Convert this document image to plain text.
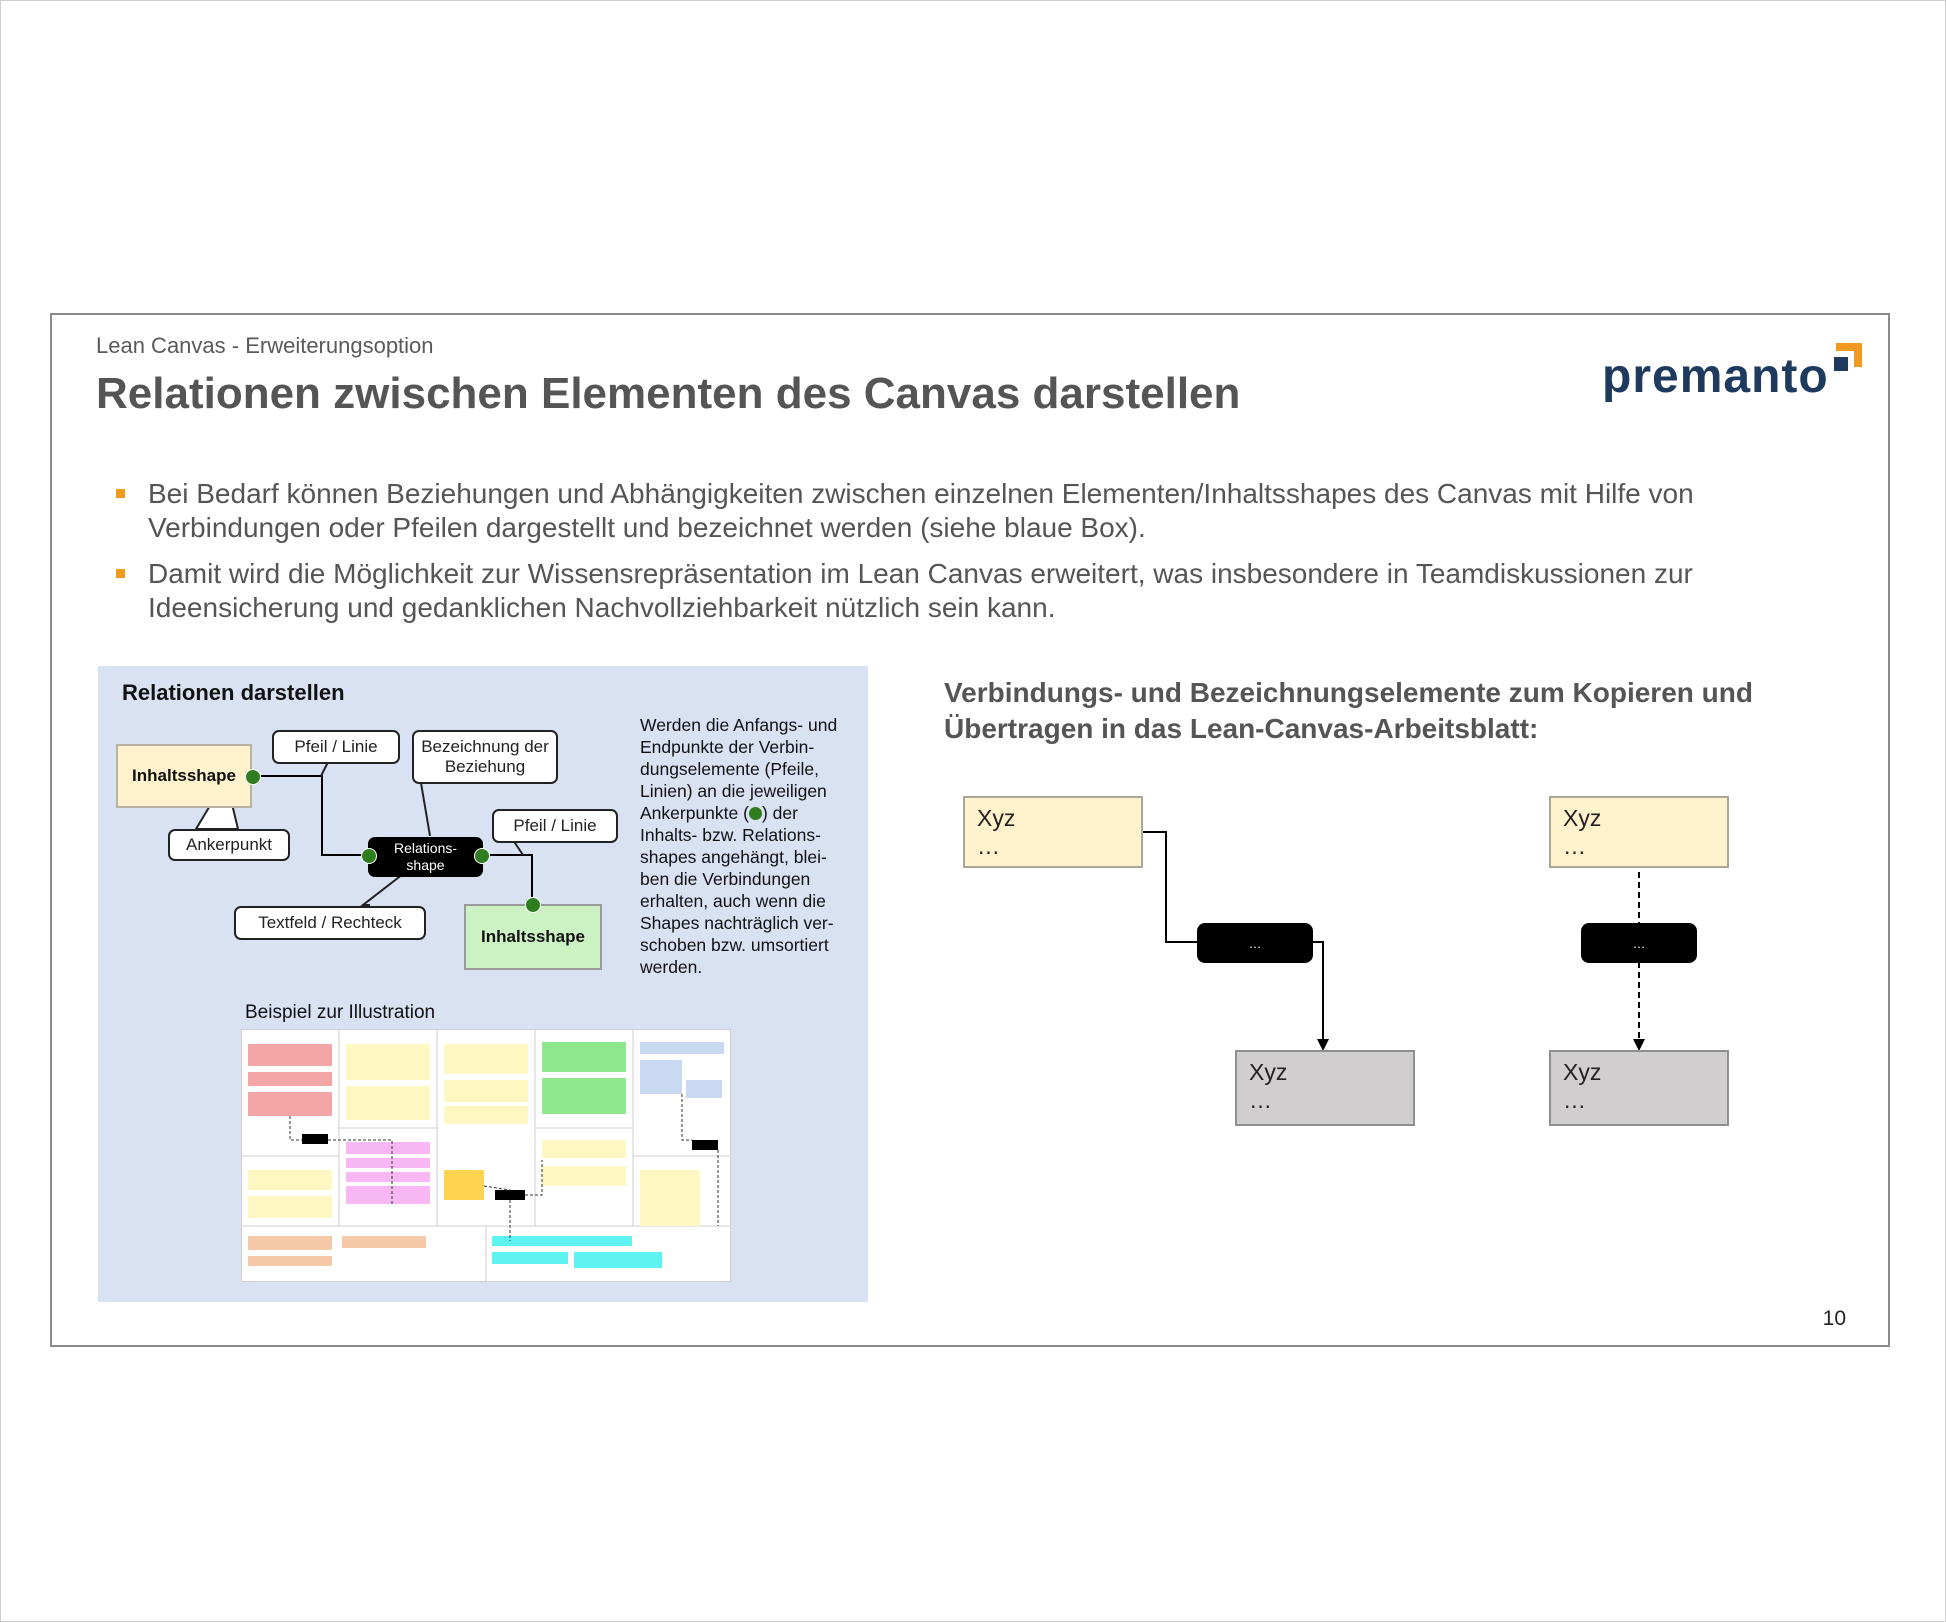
Lean Canvas - Erweiterungsoption
Relationen zwischen Elementen des Canvas darstellen	premanto
Bei Bedarf können Beziehungen und Abhängigkeiten zwischen einzelnen Elementen/Inhaltsshapes des Canvas mit Hilfe von Verbindungen oder Pfeilen dargestellt und bezeichnet werden (siehe blaue Box).
Damit wird die Möglichkeit zur Wissensrepräsentation im Lean Canvas erweitert, was insbesondere in Teamdiskussionen zur Ideensicherung und gedanklichen Nachvollziehbarkeit nützlich sein kann.
Relationen darstellen
Inhaltsshape
Pfeil / Linie	Bezeichnung der Beziehung
Pfeil / Linie
Ankerpunkt
Textfeld / Rechteck
Relations-
shape
Inhaltsshape
Werden die Anfangs- und Endpunkte der Verbin-dungselemente (Pfeile, Linien) an die jeweiligen Ankerpunkte ( ) der Inhalts- bzw. Relations-shapes angehängt, blei-ben die Verbindungen erhalten, auch wenn die Shapes nachträglich ver-schoben bzw. umsortiert werden.
Beispiel zur Illustration
Verbindungs- und Bezeichnungselemente zum Kopieren und Übertragen in das Lean-Canvas-Arbeitsblatt:
Xyz
…
…
Xyz
…
Xyz
…
…
Xyz
…
10
